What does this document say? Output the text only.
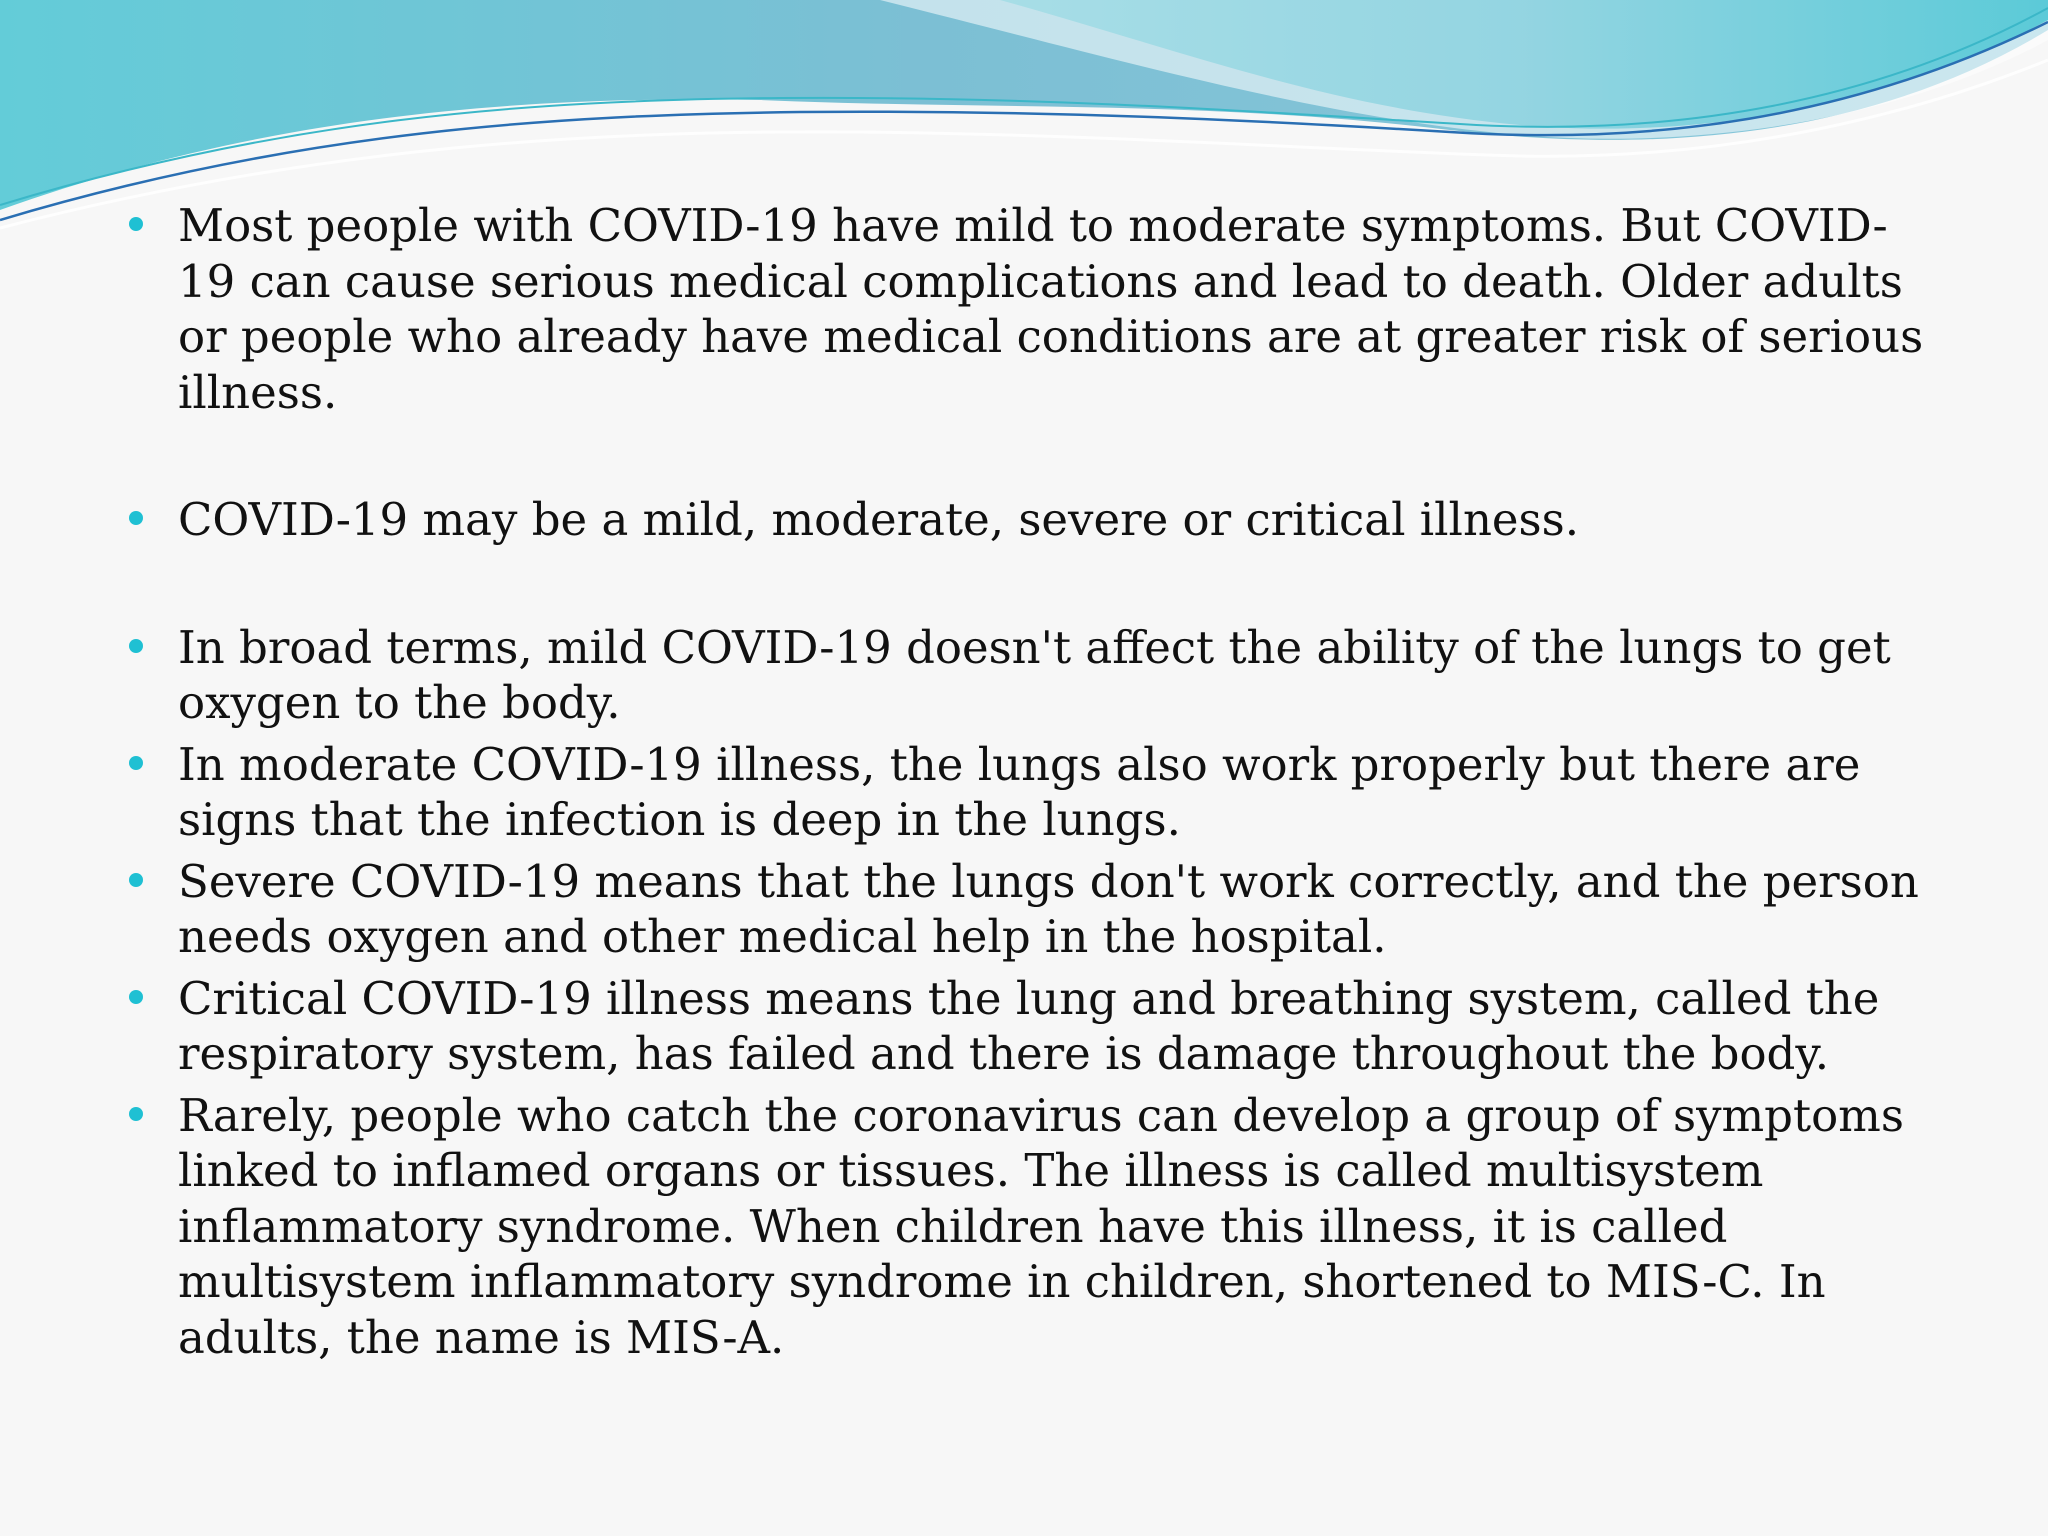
Most people with COVID-19 have mild to moderate symptoms. But COVID-19 can cause serious medical complications and lead to death. Older adults or people who already have medical conditions are at greater risk of serious illness.

COVID-19 may be a mild, moderate, severe or critical illness.

In broad terms, mild COVID-19 doesn't affect the ability of the lungs to get oxygen to the body.

In moderate COVID-19 illness, the lungs also work properly but there are signs that the infection is deep in the lungs.

Severe COVID-19 means that the lungs don't work correctly, and the person needs oxygen and other medical help in the hospital.

Critical COVID-19 illness means the lung and breathing system, called the respiratory system, has failed and there is damage throughout the body.

Rarely, people who catch the coronavirus can develop a group of symptoms linked to inflamed organs or tissues. The illness is called multisystem inflammatory syndrome. When children have this illness, it is called multisystem inflammatory syndrome in children, shortened to MIS-C. In adults, the name is MIS-A.
